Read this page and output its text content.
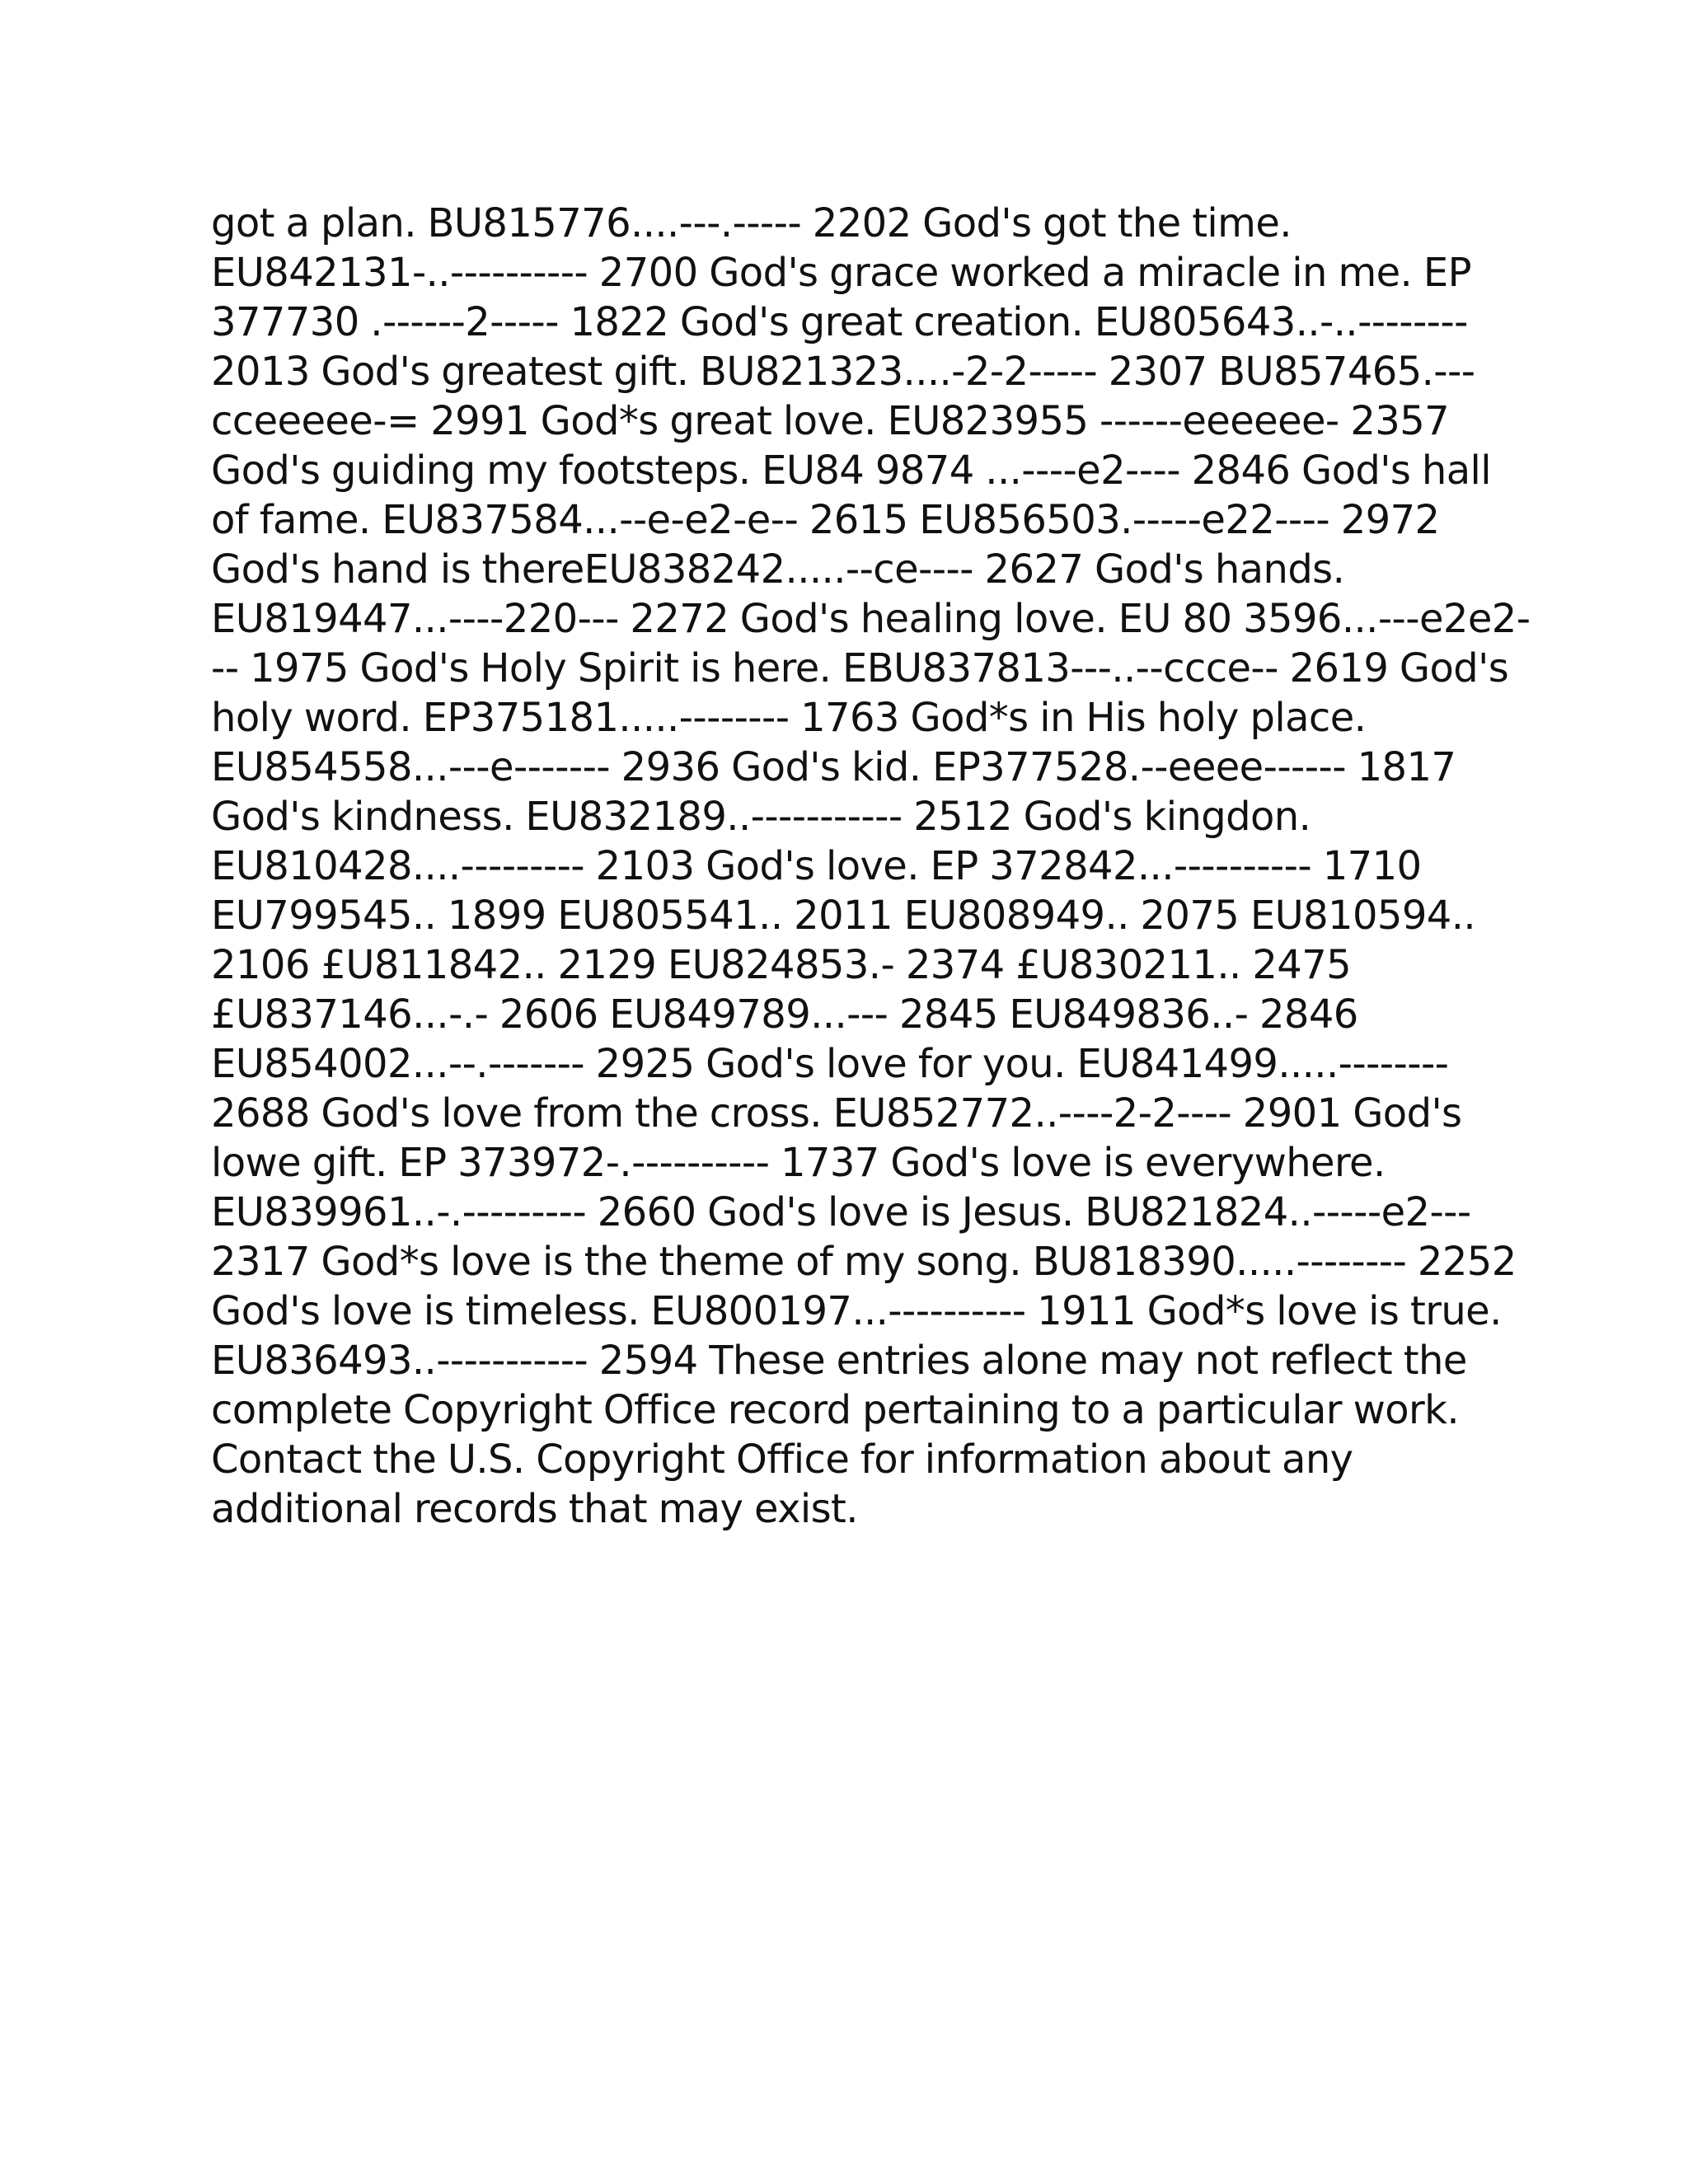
got a plan. BU815776....---.----- 2202 God's got the time.
EU842131-..---------- 2700 God's grace worked a miracle in me. EP
377730 .------2----- 1822 God's great creation. EU805643..-..--------
2013 God's greatest gift. BU821323....-2-2----- 2307 BU857465.---
cceeeee-= 2991 God*s great love. EU823955 ------eeeeee- 2357
God's guiding my footsteps. EU84 9874 ...----e2---- 2846 God's hall
of fame. EU837584...--e-e2-e-- 2615 EU856503.-----e22---- 2972
God's hand is thereEU838242.....--ce---- 2627 God's hands.
EU819447...----220--- 2272 God's healing love. EU 80 3596...---e2e2-
-- 1975 God's Holy Spirit is here. EBU837813---..--ccce-- 2619 God's
holy word. EP375181.....-------- 1763 God*s in His holy place.
EU854558...---e------- 2936 God's kid. EP377528.--eeee------ 1817
God's kindness. EU832189..----------- 2512 God's kingdon.
EU810428....--------- 2103 God's love. EP 372842...---------- 1710
EU799545.. 1899 EU805541.. 2011 EU808949.. 2075 EU810594..
2106 £U811842.. 2129 EU824853.- 2374 £U830211.. 2475
£U837146...-.- 2606 EU849789...--- 2845 EU849836..- 2846
EU854002...--.------- 2925 God's love for you. EU841499.....--------
2688 God's love from the cross. EU852772..----2-2---- 2901 God's
lowe gift. EP 373972-.---------- 1737 God's love is everywhere.
EU839961..-.--------- 2660 God's love is Jesus. BU821824..-----e2---
2317 God*s love is the theme of my song. BU818390.....-------- 2252
God's love is timeless. EU800197...---------- 1911 God*s love is true.
EU836493..----------- 2594 These entries alone may not reflect the
complete Copyright Office record pertaining to a particular work.
Contact the U.S. Copyright Office for information about any
additional records that may exist.
